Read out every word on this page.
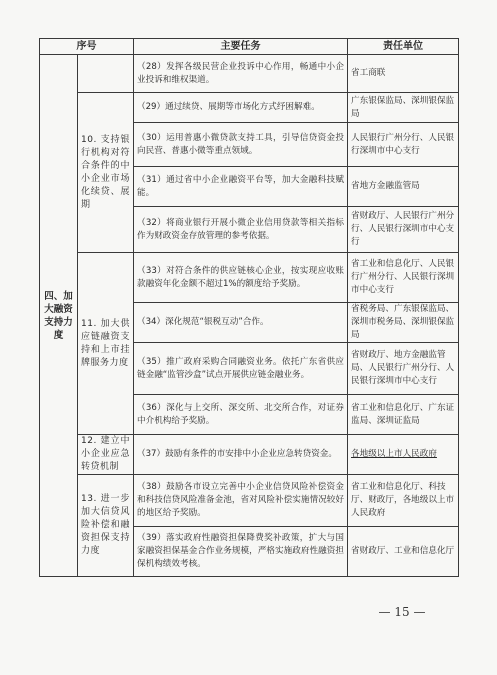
序号		主要任务	责任单位

四、加大融资支持力度		（28）发挥各级民营企业投诉中心作用，畅通中小企业投诉和维权渠道。	省工商联
	10. 支持银行机构对符合条件的中小企业市场化续贷、展期	（29）通过续贷、展期等市场化方式纾困解难。	广东银保监局、深圳银保监局
		（30）运用普惠小微贷款支持工具，引导信贷资金投向民营、普惠小微等重点领域。	人民银行广州分行、人民银行深圳市中心支行
		（31）通过省中小企业融资平台等，加大金融科技赋能。	省地方金融监管局
		（32）将商业银行开展小微企业信用贷款等相关指标作为财政资金存放管理的参考依据。	省财政厅、人民银行广州分行、人民银行深圳市中心支行
	11. 加大供应链融资支持和上市挂牌服务力度	（33）对符合条件的供应链核心企业，按实现应收账款融资年化金额不超过1%的额度给予奖励。	省工业和信息化厅、人民银行广州分行、人民银行深圳市中心支行
		（34）深化规范“银税互动”合作。	省税务局、广东银保监局、深圳市税务局、深圳银保监局
		（35）推广政府采购合同融资业务。依托广东省供应链金融“监管沙盒”试点开展供应链金融业务。	省财政厅、地方金融监管局、人民银行广州分行、人民银行深圳市中心支行
		（36）深化与上交所、深交所、北交所合作，对证券中介机构给予奖励。	省工业和信息化厅、广东证监局、深圳证监局
	12. 建立中小企业应急转贷机制	（37）鼓励有条件的市安排中小企业应急转贷资金。	各地级以上市人民政府
	13. 进一步加大信贷风险补偿和融资担保支持力度	（38）鼓励各市设立完善中小企业信贷风险补偿资金和科技信贷风险准备金池，省对风险补偿实施情况较好的地区给予奖励。	省工业和信息化厅、科技厅、财政厅，各地级以上市人民政府
		（39）落实政府性融资担保降费奖补政策，扩大与国家融资担保基金合作业务规模，严格实施政府性融资担保机构绩效考核。	省财政厅、工业和信息化厅
— 15 —
